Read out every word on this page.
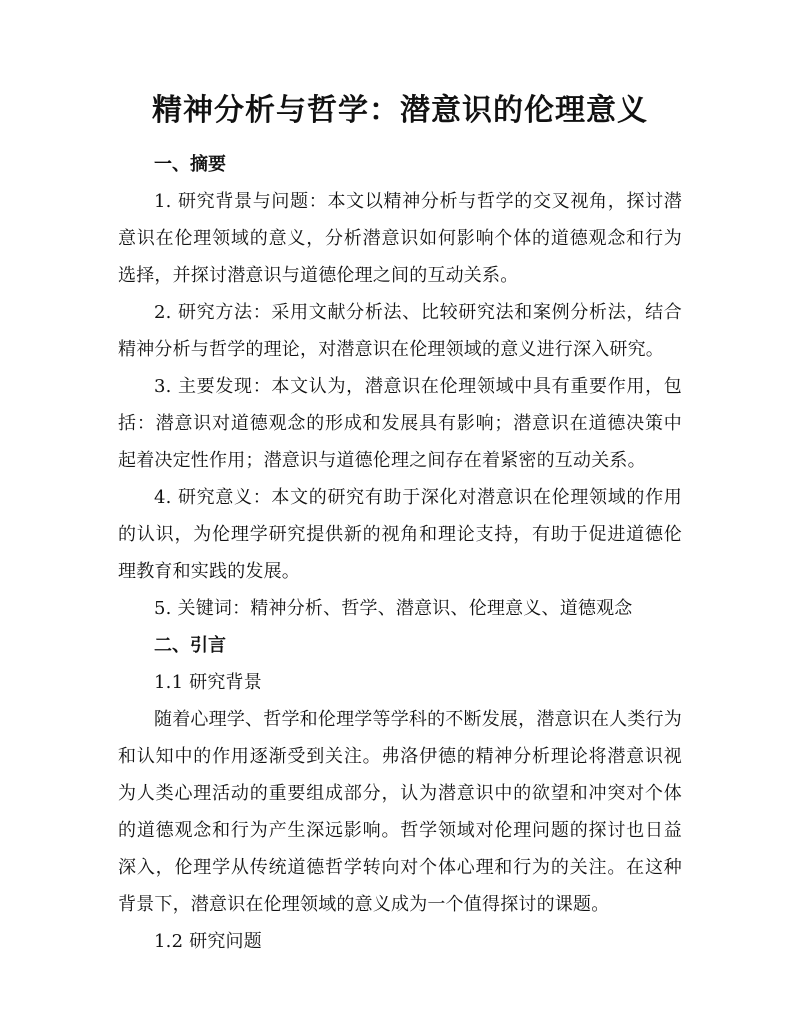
精神分析与哲学：潜意识的伦理意义

一、摘要

1. 研究背景与问题：本文以精神分析与哲学的交叉视角，探讨潜意识在伦理领域的意义，分析潜意识如何影响个体的道德观念和行为选择，并探讨潜意识与道德伦理之间的互动关系。

2. 研究方法：采用文献分析法、比较研究法和案例分析法，结合精神分析与哲学的理论，对潜意识在伦理领域的意义进行深入研究。

3. 主要发现：本文认为，潜意识在伦理领域中具有重要作用，包括：潜意识对道德观念的形成和发展具有影响；潜意识在道德决策中起着决定性作用；潜意识与道德伦理之间存在着紧密的互动关系。

4. 研究意义：本文的研究有助于深化对潜意识在伦理领域的作用的认识，为伦理学研究提供新的视角和理论支持，有助于促进道德伦理教育和实践的发展。

5. 关键词：精神分析、哲学、潜意识、伦理意义、道德观念

二、引言

1.1 研究背景

随着心理学、哲学和伦理学等学科的不断发展，潜意识在人类行为和认知中的作用逐渐受到关注。弗洛伊德的精神分析理论将潜意识视为人类心理活动的重要组成部分，认为潜意识中的欲望和冲突对个体的道德观念和行为产生深远影响。哲学领域对伦理问题的探讨也日益深入，伦理学从传统道德哲学转向对个体心理和行为的关注。在这种背景下，潜意识在伦理领域的意义成为一个值得探讨的课题。

1.2 研究问题
